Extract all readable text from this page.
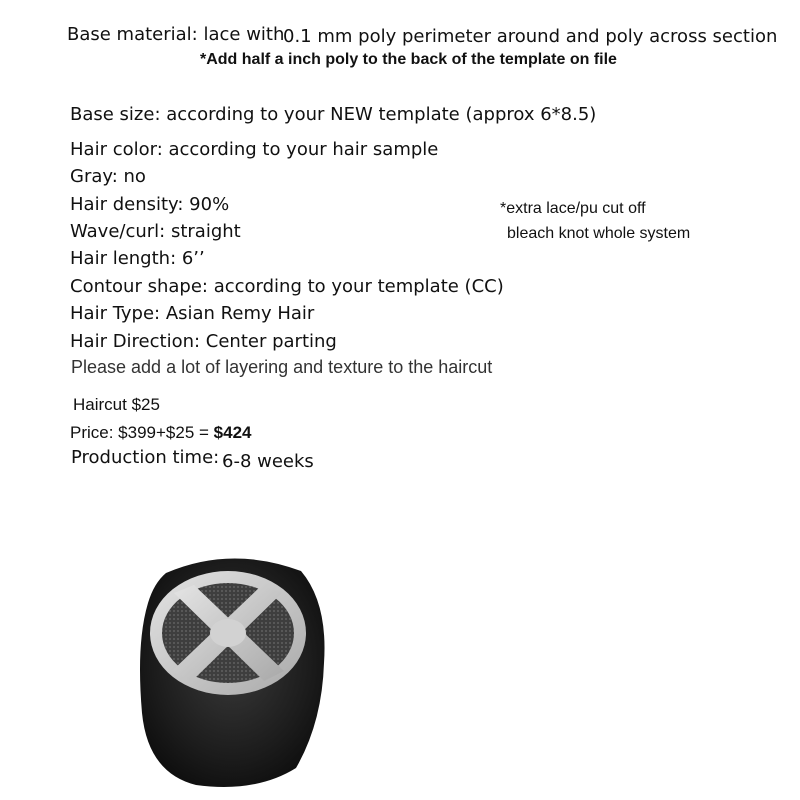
Base material: lace with
0.1 mm poly perimeter around and poly across section
*Add half a inch poly to the back of the template on file
Base size: according to your NEW template (approx 6*8.5)
Hair color: according to your hair sample
Gray: no
Hair density: 90%
Wave/curl: straight
Hair length: 6’’
Contour shape: according to your template (CC)
Hair Type: Asian Remy Hair
Hair Direction: Center parting
Please add a lot of layering and texture to the haircut
*extra lace/pu cut off
bleach knot whole system
Haircut $25
Price: $399+$25 = $424
Production time: 6-8 weeks
